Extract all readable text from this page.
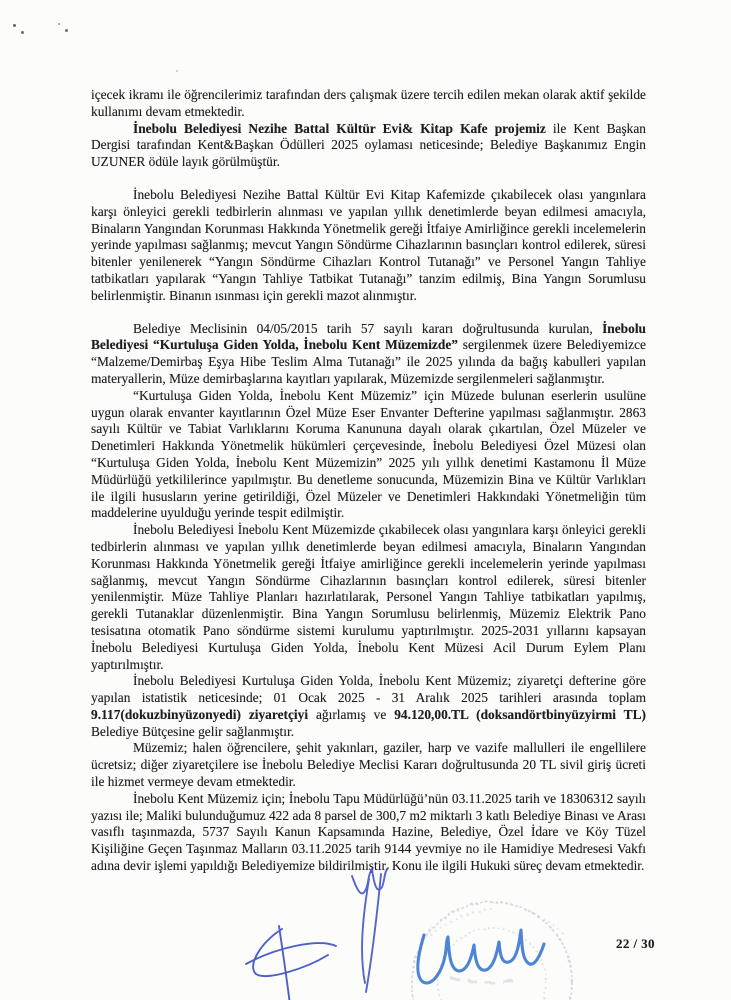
içecek ikramı ile öğrencilerimiz tarafından ders çalışmak üzere tercih edilen mekan olarak aktif şekilde kullanımı devam etmektedir.

İnebolu Belediyesi Nezihe Battal Kültür Evi& Kitap Kafe projemiz ile Kent Başkan Dergisi tarafından Kent&Başkan Ödülleri 2025 oylaması neticesinde; Belediye Başkanımız Engin UZUNER ödüle layık görülmüştür.

İnebolu Belediyesi Nezihe Battal Kültür Evi Kitap Kafemizde çıkabilecek olası yangınlara karşı önleyici gerekli tedbirlerin alınması ve yapılan yıllık denetimlerde beyan edilmesi amacıyla, Binaların Yangından Korunması Hakkında Yönetmelik gereği İtfaiye Amirliğince gerekli incelemelerin yerinde yapılması sağlanmış; mevcut Yangın Söndürme Cihazlarının basınçları kontrol edilerek, süresi bitenler yenilenerek “Yangın Söndürme Cihazları Kontrol Tutanağı” ve Personel Yangın Tahliye tatbikatları yapılarak “Yangın Tahliye Tatbikat Tutanağı” tanzim edilmiş, Bina Yangın Sorumlusu belirlenmiştir. Binanın ısınması için gerekli mazot alınmıştır.

Belediye Meclisinin 04/05/2015 tarih 57 sayılı kararı doğrultusunda kurulan, İnebolu Belediyesi “Kurtuluşa Giden Yolda, İnebolu Kent Müzemizde” sergilenmek üzere Belediyemizce “Malzeme/Demirbaş Eşya Hibe Teslim Alma Tutanağı” ile 2025 yılında da bağış kabulleri yapılan materyallerin, Müze demirbaşlarına kayıtları yapılarak, Müzemizde sergilenmeleri sağlanmıştır.

“Kurtuluşa Giden Yolda, İnebolu Kent Müzemiz” için Müzede bulunan eserlerin usulüne uygun olarak envanter kayıtlarının Özel Müze Eser Envanter Defterine yapılması sağlanmıştır. 2863 sayılı Kültür ve Tabiat Varlıklarını Koruma Kanununa dayalı olarak çıkartılan, Özel Müzeler ve Denetimleri Hakkında Yönetmelik hükümleri çerçevesinde, İnebolu Belediyesi Özel Müzesi olan “Kurtuluşa Giden Yolda, İnebolu Kent Müzemizin” 2025 yılı yıllık denetimi Kastamonu İl Müze Müdürlüğü yetkililerince yapılmıştır. Bu denetleme sonucunda, Müzemizin Bina ve Kültür Varlıkları ile ilgili hususların yerine getirildiği, Özel Müzeler ve Denetimleri Hakkındaki Yönetmeliğin tüm maddelerine uyulduğu yerinde tespit edilmiştir.

İnebolu Belediyesi İnebolu Kent Müzemizde çıkabilecek olası yangınlara karşı önleyici gerekli tedbirlerin alınması ve yapılan yıllık denetimlerde beyan edilmesi amacıyla, Binaların Yangından Korunması Hakkında Yönetmelik gereği İtfaiye amirliğince gerekli incelemelerin yerinde yapılması sağlanmış, mevcut Yangın Söndürme Cihazlarının basınçları kontrol edilerek, süresi bitenler yenilenmiştir. Müze Tahliye Planları hazırlatılarak, Personel Yangın Tahliye tatbikatları yapılmış, gerekli Tutanaklar düzenlenmiştir. Bina Yangın Sorumlusu belirlenmiş, Müzemiz Elektrik Pano tesisatına otomatik Pano söndürme sistemi kurulumu yaptırılmıştır. 2025-2031 yıllarını kapsayan İnebolu Belediyesi Kurtuluşa Giden Yolda, İnebolu Kent Müzesi Acil Durum Eylem Planı yaptırılmıştır.

İnebolu Belediyesi Kurtuluşa Giden Yolda, İnebolu Kent Müzemiz; ziyaretçi defterine göre yapılan istatistik neticesinde; 01 Ocak 2025 - 31 Aralık 2025 tarihleri arasında toplam 9.117(dokuzbinyüzonyedi) ziyaretçiyi ağırlamış ve 94.120,00.TL (doksandörtbinyüzyirmi TL) Belediye Bütçesine gelir sağlanmıştır.

Müzemiz; halen öğrencilere, şehit yakınları, gaziler, harp ve vazife mallulleri ile engellilere ücretsiz; diğer ziyaretçilere ise İnebolu Belediye Meclisi Kararı doğrultusunda 20 TL sivil giriş ücreti ile hizmet vermeye devam etmektedir.

İnebolu Kent Müzemiz için; İnebolu Tapu Müdürlüğü’nün 03.11.2025 tarih ve 18306312 sayılı yazısı ile; Maliki bulunduğumuz 422 ada 8 parsel de 300,7 m2 miktarlı 3 katlı Belediye Binası ve Arası vasıflı taşınmazda, 5737 Sayılı Kanun Kapsamında Hazine, Belediye, Özel İdare ve Köy Tüzel Kişiliğine Geçen Taşınmaz Malların 03.11.2025 tarih 9144 yevmiye no ile Hamidiye Medresesi Vakfı adına devir işlemi yapıldığı Belediyemize bildirilmiştir. Konu ile ilgili Hukuki süreç devam etmektedir.

22 / 30
